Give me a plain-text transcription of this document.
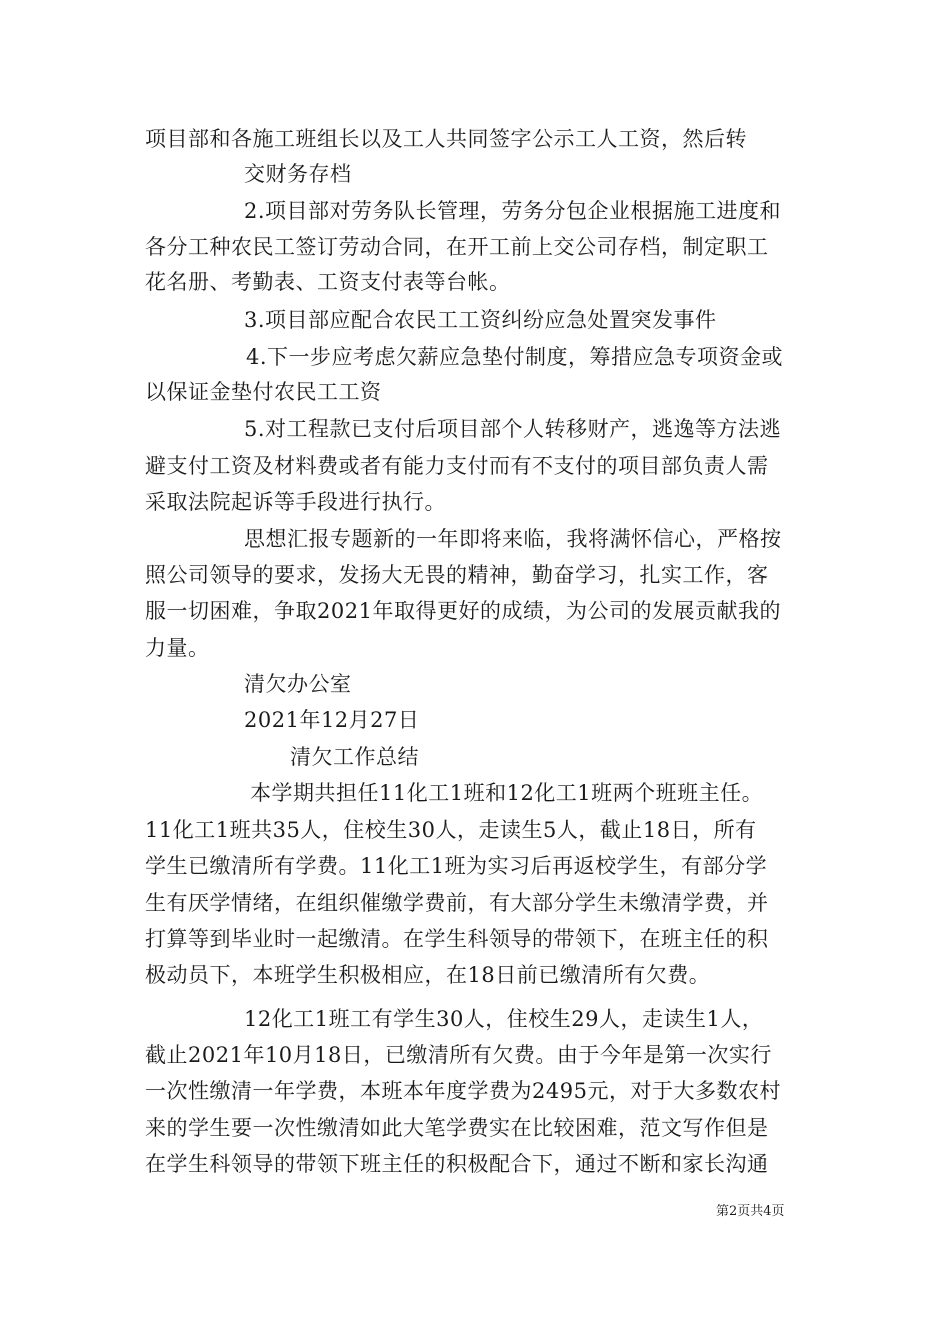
项目部和各施工班组长以及工人共同签字公示工人工资，然后转
交财务存档
2.项目部对劳务队长管理，劳务分包企业根据施工进度和
各分工种农民工签订劳动合同，在开工前上交公司存档，制定职工
花名册、考勤表、工资支付表等台帐。
3.项目部应配合农民工工资纠纷应急处置突发事件
4.下一步应考虑欠薪应急垫付制度，筹措应急专项资金或
以保证金垫付农民工工资
5.对工程款已支付后项目部个人转移财产，逃逸等方法逃
避支付工资及材料费或者有能力支付而有不支付的项目部负责人需
采取法院起诉等手段进行执行。
思想汇报专题新的一年即将来临，我将满怀信心，严格按
照公司领导的要求，发扬大无畏的精神，勤奋学习，扎实工作，客
服一切困难，争取2021年取得更好的成绩，为公司的发展贡献我的
力量。
清欠办公室
2021年12月27日
清欠工作总结
本学期共担任11化工1班和12化工1班两个班班主任。
11化工1班共35人，住校生30人，走读生5人，截止18日，所有
学生已缴清所有学费。11化工1班为实习后再返校学生，有部分学
生有厌学情绪，在组织催缴学费前，有大部分学生未缴清学费，并
打算等到毕业时一起缴清。在学生科领导的带领下，在班主任的积
极动员下，本班学生积极相应，在18日前已缴清所有欠费。
12化工1班工有学生30人，住校生29人，走读生1人，
截止2021年10月18日，已缴清所有欠费。由于今年是第一次实行
一次性缴清一年学费，本班本年度学费为2495元，对于大多数农村
来的学生要一次性缴清如此大笔学费实在比较困难，范文写作但是
在学生科领导的带领下班主任的积极配合下，通过不断和家长沟通
第2页共4页
